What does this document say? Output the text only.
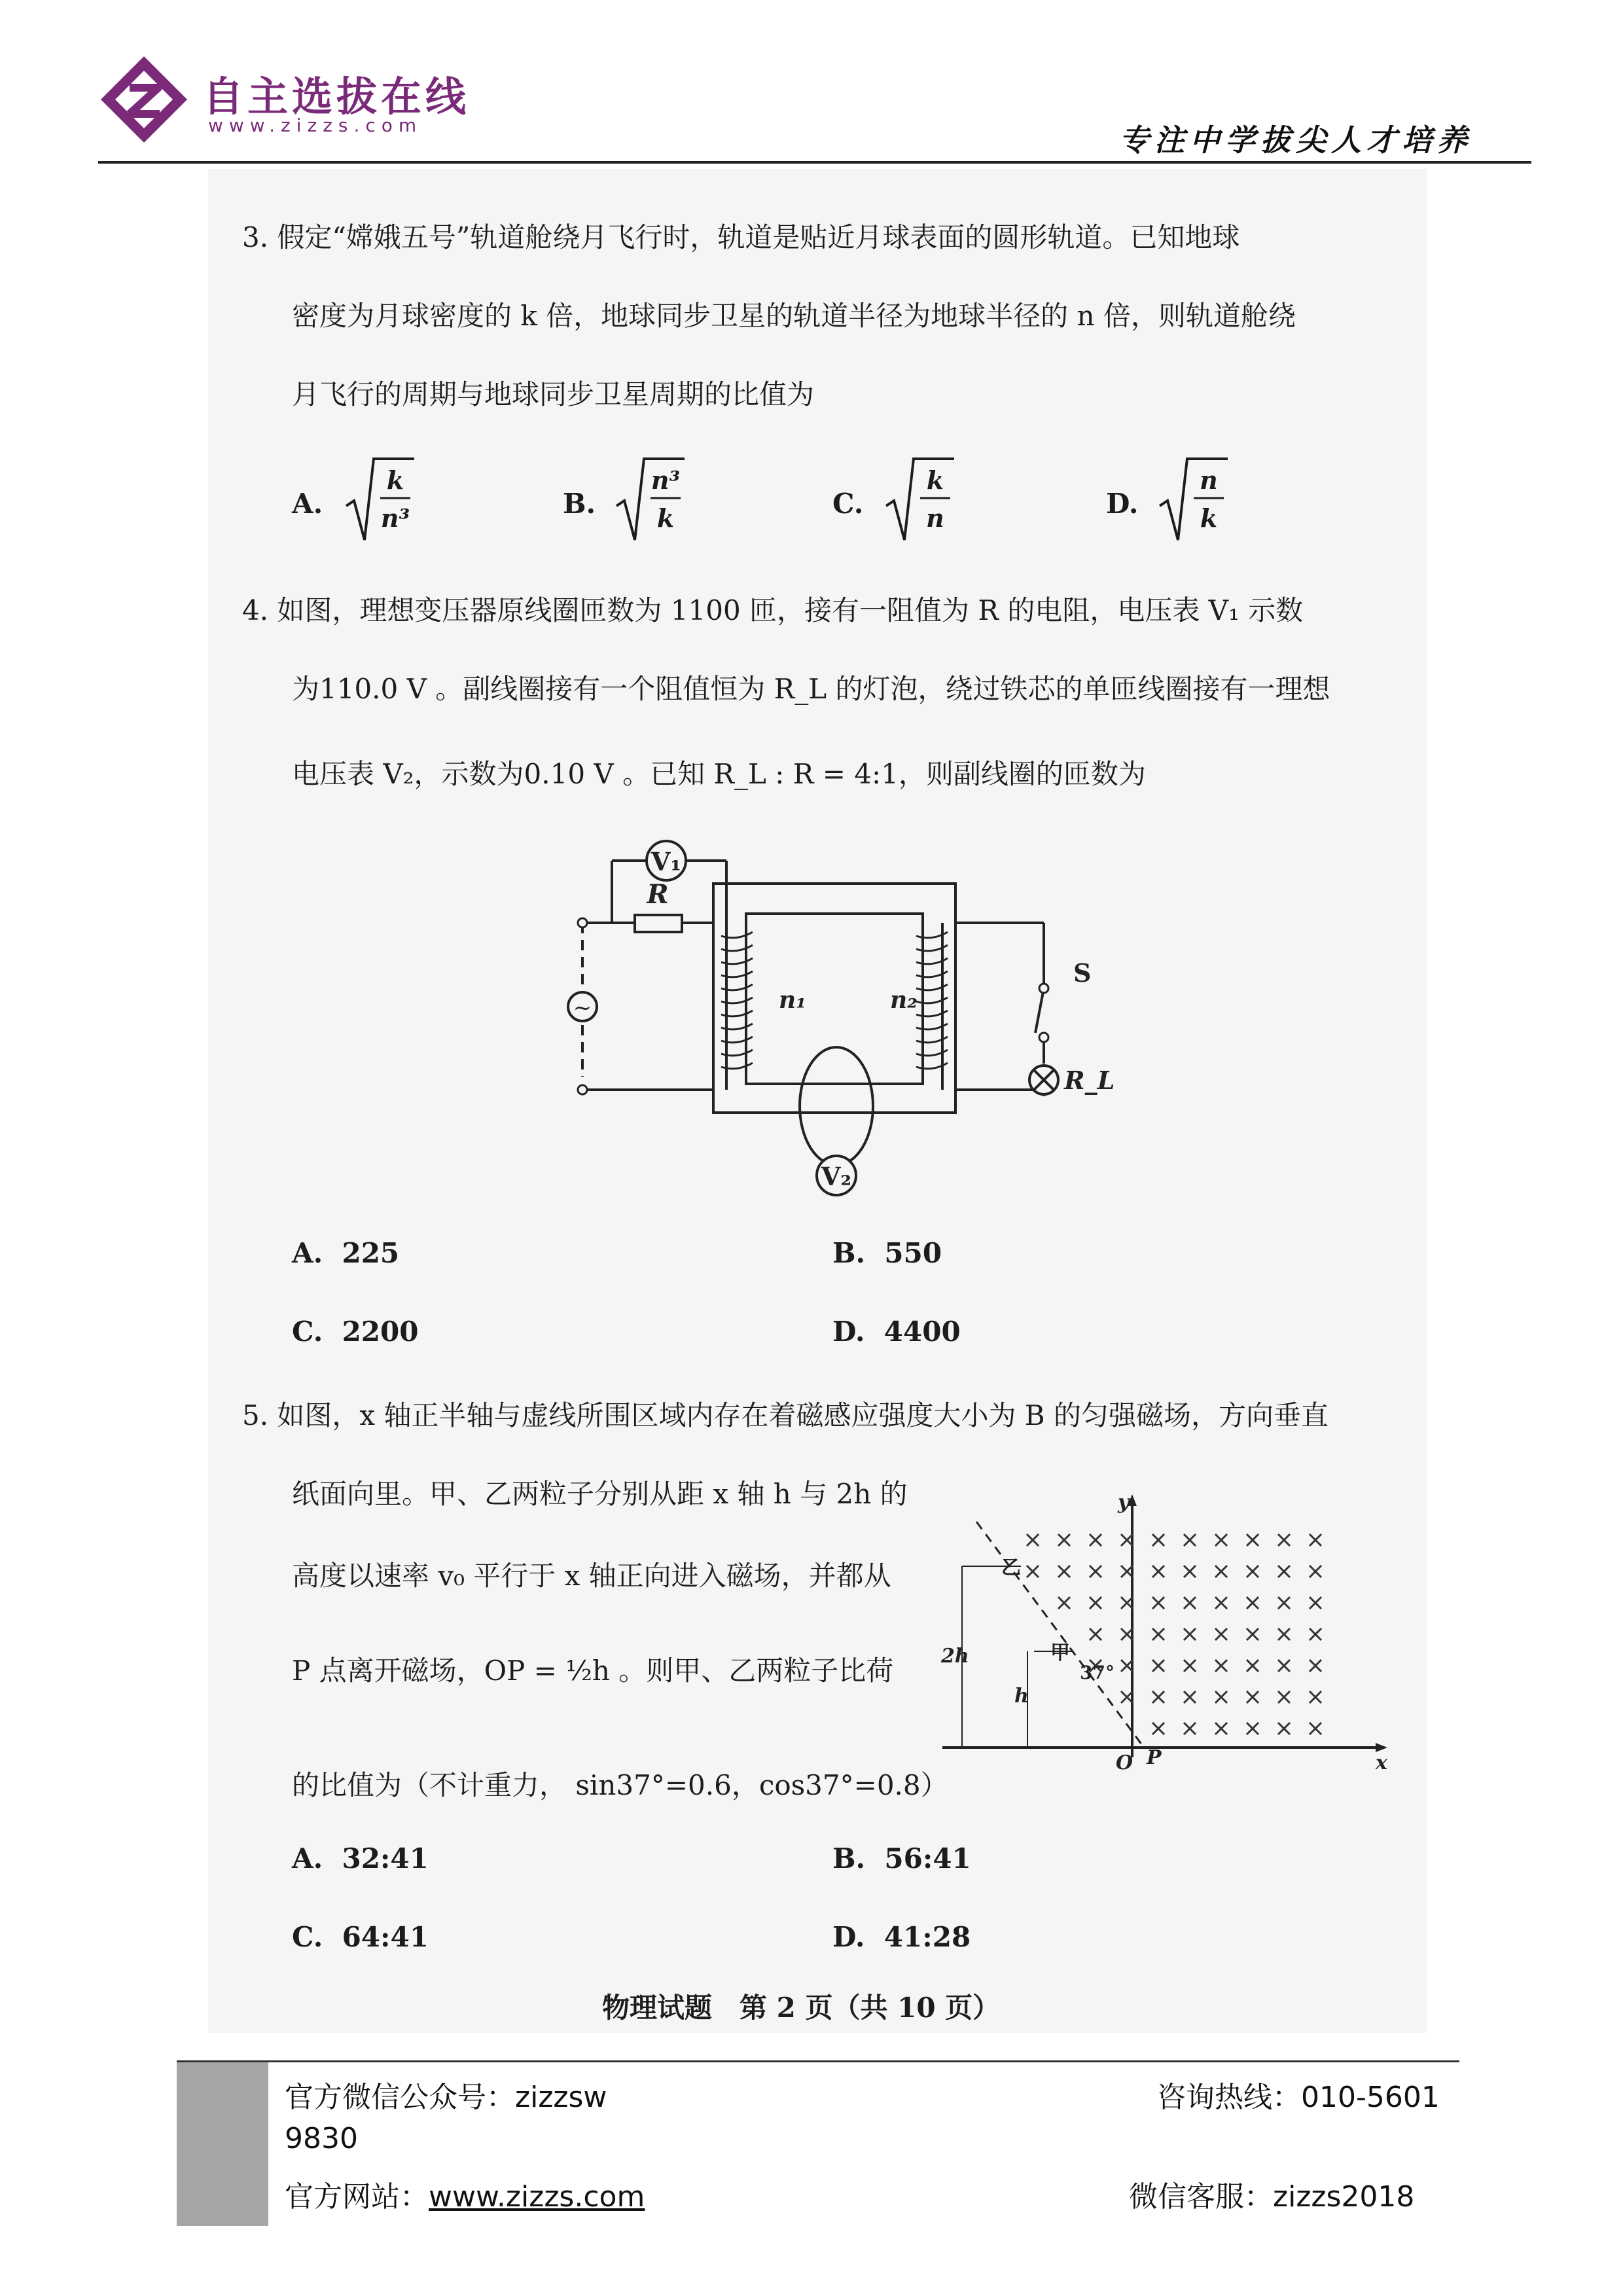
自主选拔在线
www.zizzs.com	专注中学拔尖人才培养
3. 假定“嫦娥五号”轨道舱绕月飞行时，轨道是贴近月球表面的圆形轨道。已知地球
密度为月球密度的 k 倍，地球同步卫星的轨道半径为地球半径的 n 倍，则轨道舱绕
月飞行的周期与地球同步卫星周期的比值为
A.
k
n³	B.
n³
k	C.
k
n	D.
n
k
4. 如图，理想变压器原线圈匝数为 1100 匝，接有一阻值为 R 的电阻，电压表 V₁ 示数
为110.0 V 。副线圈接有一个阻值恒为 R_L 的灯泡，绕过铁芯的单匝线圈接有一理想
电压表 V₂，示数为0.10 V 。已知 R_L : R = 4:1，则副线圈的匝数为
~
V₁
R
n₁	n₂
S
R_L
V₂
A. 225	B. 550
C. 2200	D. 4400
5. 如图，x 轴正半轴与虚线所围区域内存在着磁感应强度大小为 B 的匀强磁场，方向垂直
纸面向里。甲、乙两粒子分别从距 x 轴 h 与 2h 的
高度以速率 v₀ 平行于 x 轴正向进入磁场，并都从
P 点离开磁场，OP = ½h 。则甲、乙两粒子比荷
的比值为（不计重力， sin37°=0.6，cos37°=0.8）
y
x
O P
2h
h
甲
乙
37°
A. 32:41	B. 56:41
C. 64:41	D. 41:28
物理试题　第 2 页（共 10 页）
官方微信公众号：zizzsw
9830
官方网站：www.zizzs.com
咨询热线：010-5601
微信客服：zizzs2018
